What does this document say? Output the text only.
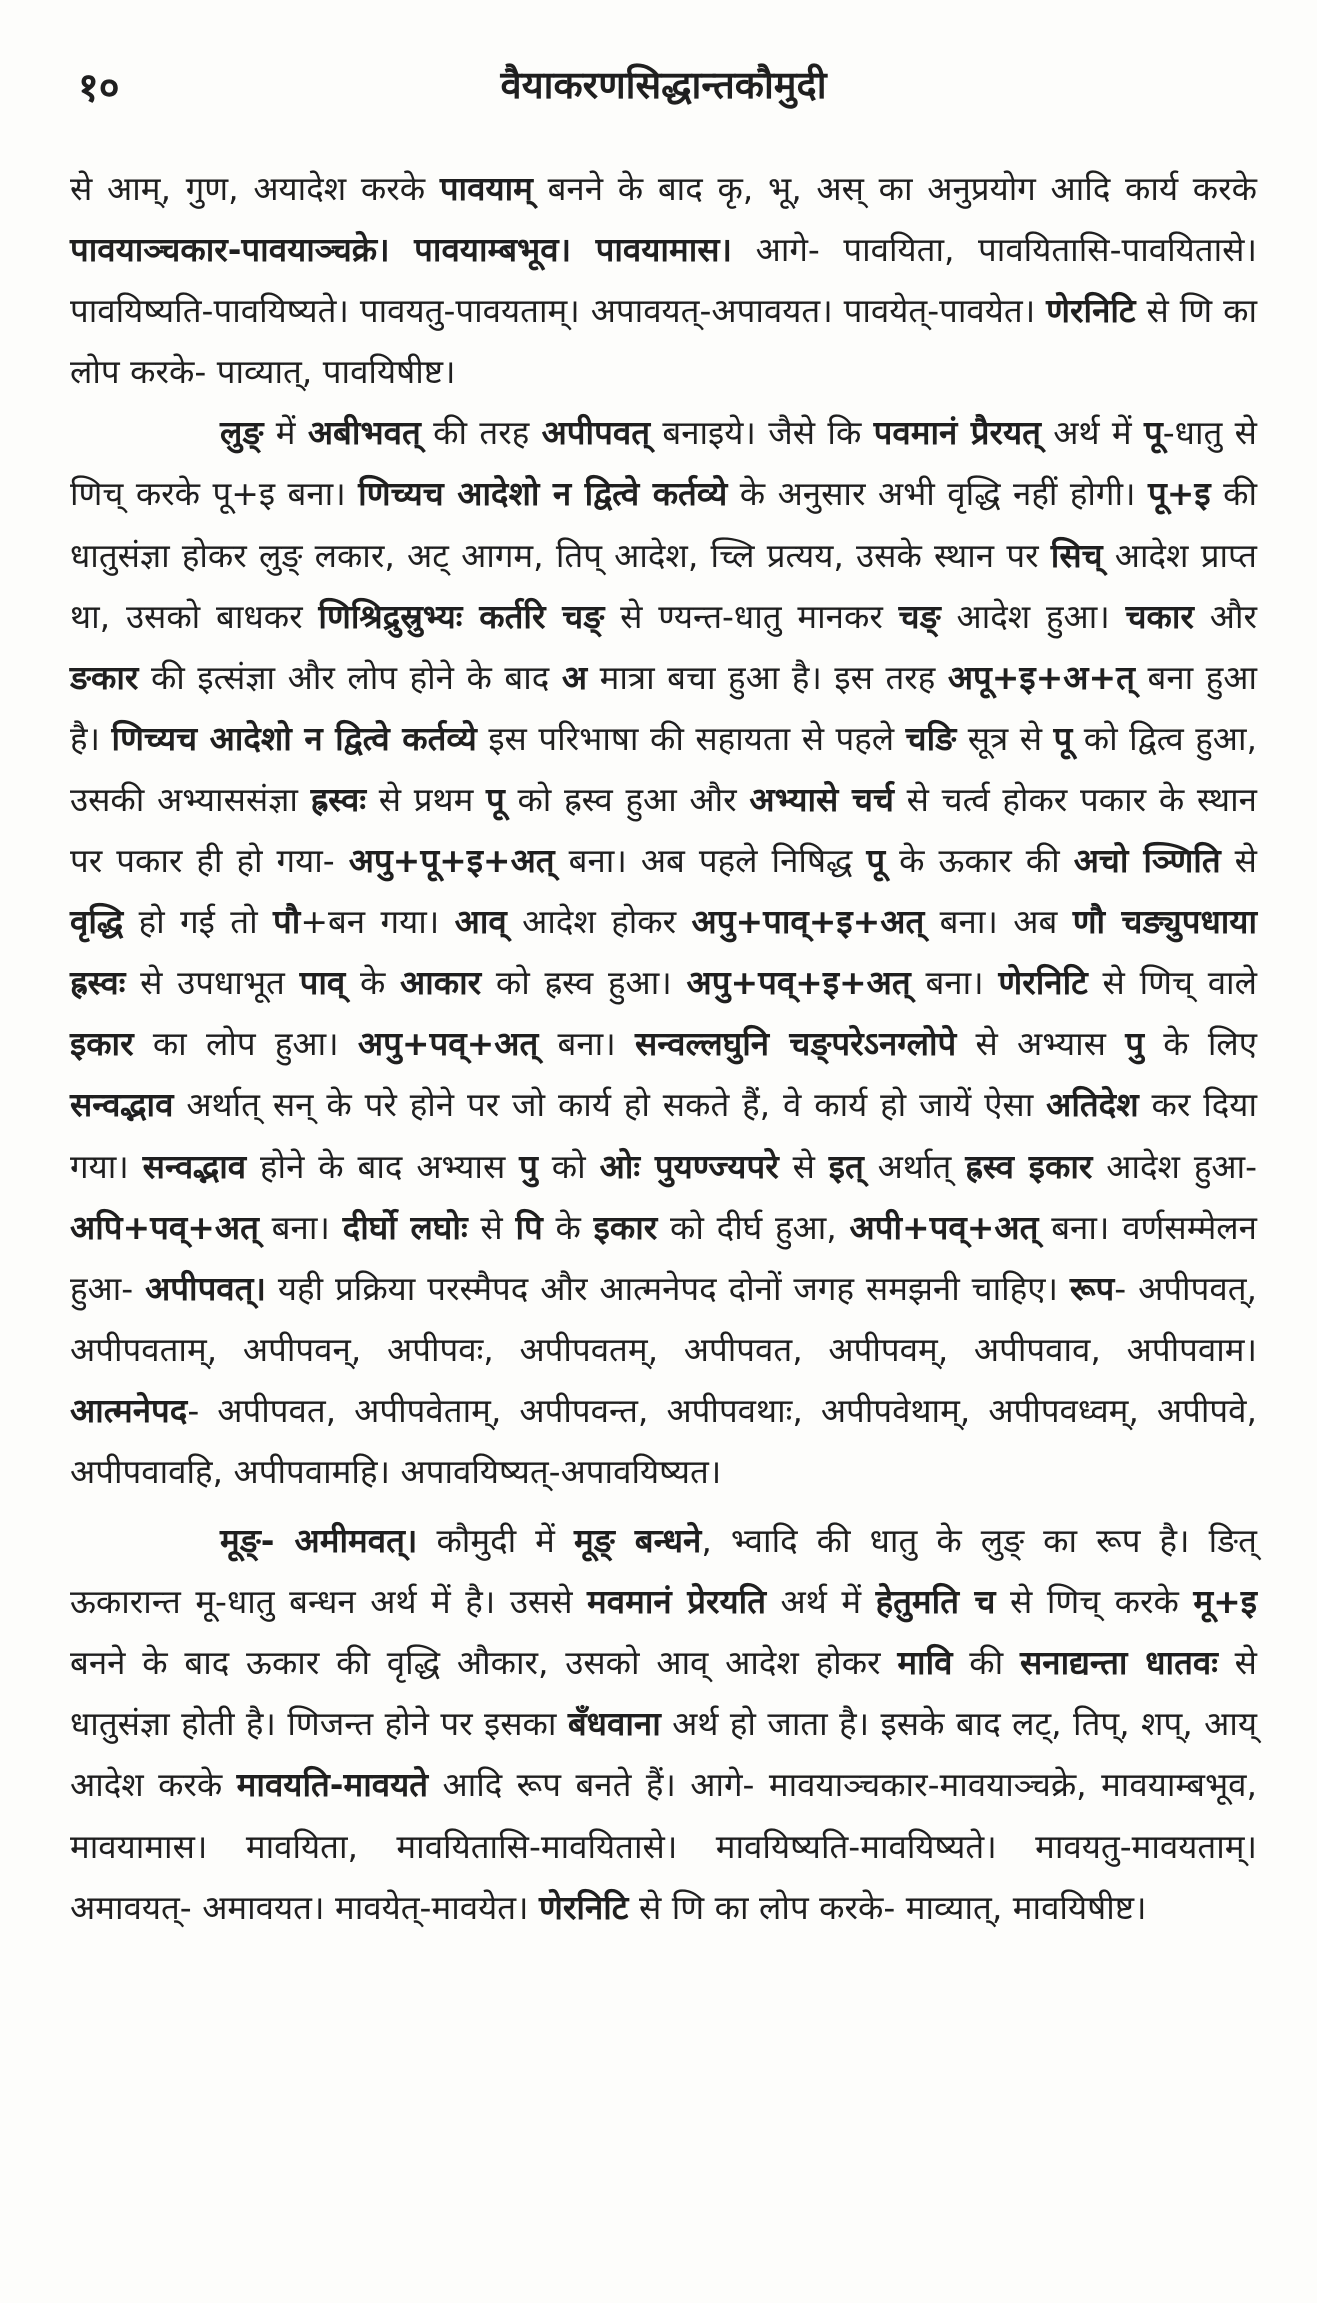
१०	वैयाकरणसिद्धान्तकौमुदी

से आम्, गुण, अयादेश करके पावयाम् बनने के बाद कृ, भू, अस् का अनुप्रयोग आदि कार्य करके पावयाञ्चकार-पावयाञ्चक्रे। पावयाम्बभूव। पावयामास। आगे- पावयिता, पावयितासि-पावयितासे। पावयिष्यति-पावयिष्यते। पावयतु-पावयताम्। अपावयत्-अपावयत। पावयेत्-पावयेत। णेरनिटि से णि का लोप करके- पाव्यात्, पावयिषीष्ट।

लुङ् में अबीभवत् की तरह अपीपवत् बनाइये। जैसे कि पवमानं प्रैरयत् अर्थ में पू-धातु से णिच् करके पू+इ बना। णिच्यच आदेशो न द्वित्वे कर्तव्ये के अनुसार अभी वृद्धि नहीं होगी। पू+इ की धातुसंज्ञा होकर लुङ् लकार, अट् आगम, तिप् आदेश, च्लि प्रत्यय, उसके स्थान पर सिच् आदेश प्राप्त था, उसको बाधकर णिश्रिद्रुस्रुभ्यः कर्तरि चङ् से ण्यन्त-धातु मानकर चङ् आदेश हुआ। चकार और ङकार की इत्संज्ञा और लोप होने के बाद अ मात्रा बचा हुआ है। इस तरह अपू+इ+अ+त् बना हुआ है। णिच्यच आदेशो न द्वित्वे कर्तव्ये इस परिभाषा की सहायता से पहले चङि सूत्र से पू को द्वित्व हुआ, उसकी अभ्याससंज्ञा ह्रस्वः से प्रथम पू को ह्रस्व हुआ और अभ्यासे चर्च से चर्त्व होकर पकार के स्थान पर पकार ही हो गया- अपु+पू+इ+अत् बना। अब पहले निषिद्ध पू के ऊकार की अचो ञ्णिति से वृद्धि हो गई तो पौ+बन गया। आव् आदेश होकर अपु+पाव्+इ+अत् बना। अब णौ चङ्युपधाया ह्रस्वः से उपधाभूत पाव् के आकार को ह्रस्व हुआ। अपु+पव्+इ+अत् बना। णेरनिटि से णिच् वाले इकार का लोप हुआ। अपु+पव्+अत् बना। सन्वल्लघुनि चङ्परेऽनग्लोपे से अभ्यास पु के लिए सन्वद्भाव अर्थात् सन् के परे होने पर जो कार्य हो सकते हैं, वे कार्य हो जायें ऐसा अतिदेश कर दिया गया। सन्वद्भाव होने के बाद अभ्यास पु को ओः पुयण्ज्यपरे से इत् अर्थात् ह्रस्व इकार आदेश हुआ- अपि+पव्+अत् बना। दीर्घो लघोः से पि के इकार को दीर्घ हुआ, अपी+पव्+अत् बना। वर्णसम्मेलन हुआ- अपीपवत्। यही प्रक्रिया परस्मैपद और आत्मनेपद दोनों जगह समझनी चाहिए। रूप- अपीपवत्, अपीपवताम्, अपीपवन्, अपीपवः, अपीपवतम्, अपीपवत, अपीपवम्, अपीपवाव, अपीपवाम। आत्मनेपद- अपीपवत, अपीपवेताम्, अपीपवन्त, अपीपवथाः, अपीपवेथाम्, अपीपवध्वम्, अपीपवे, अपीपवावहि, अपीपवामहि। अपावयिष्यत्-अपावयिष्यत।

मूङ्- अमीमवत्। कौमुदी में मूङ् बन्धने, भ्वादि की धातु के लुङ् का रूप है। ङित् ऊकारान्त मू-धातु बन्धन अर्थ में है। उससे मवमानं प्रेरयति अर्थ में हेतुमति च से णिच् करके मू+इ बनने के बाद ऊकार की वृद्धि औकार, उसको आव् आदेश होकर मावि की सनाद्यन्ता धातवः से धातुसंज्ञा होती है। णिजन्त होने पर इसका बँधवाना अर्थ हो जाता है। इसके बाद लट्, तिप्, शप्, आय् आदेश करके मावयति-मावयते आदि रूप बनते हैं। आगे- मावयाञ्चकार-मावयाञ्चक्रे, मावयाम्बभूव, मावयामास। मावयिता, मावयितासि-मावयितासे। मावयिष्यति-मावयिष्यते। मावयतु-मावयताम्। अमावयत्- अमावयत। मावयेत्-मावयेत। णेरनिटि से णि का लोप करके- माव्यात्, मावयिषीष्ट।
